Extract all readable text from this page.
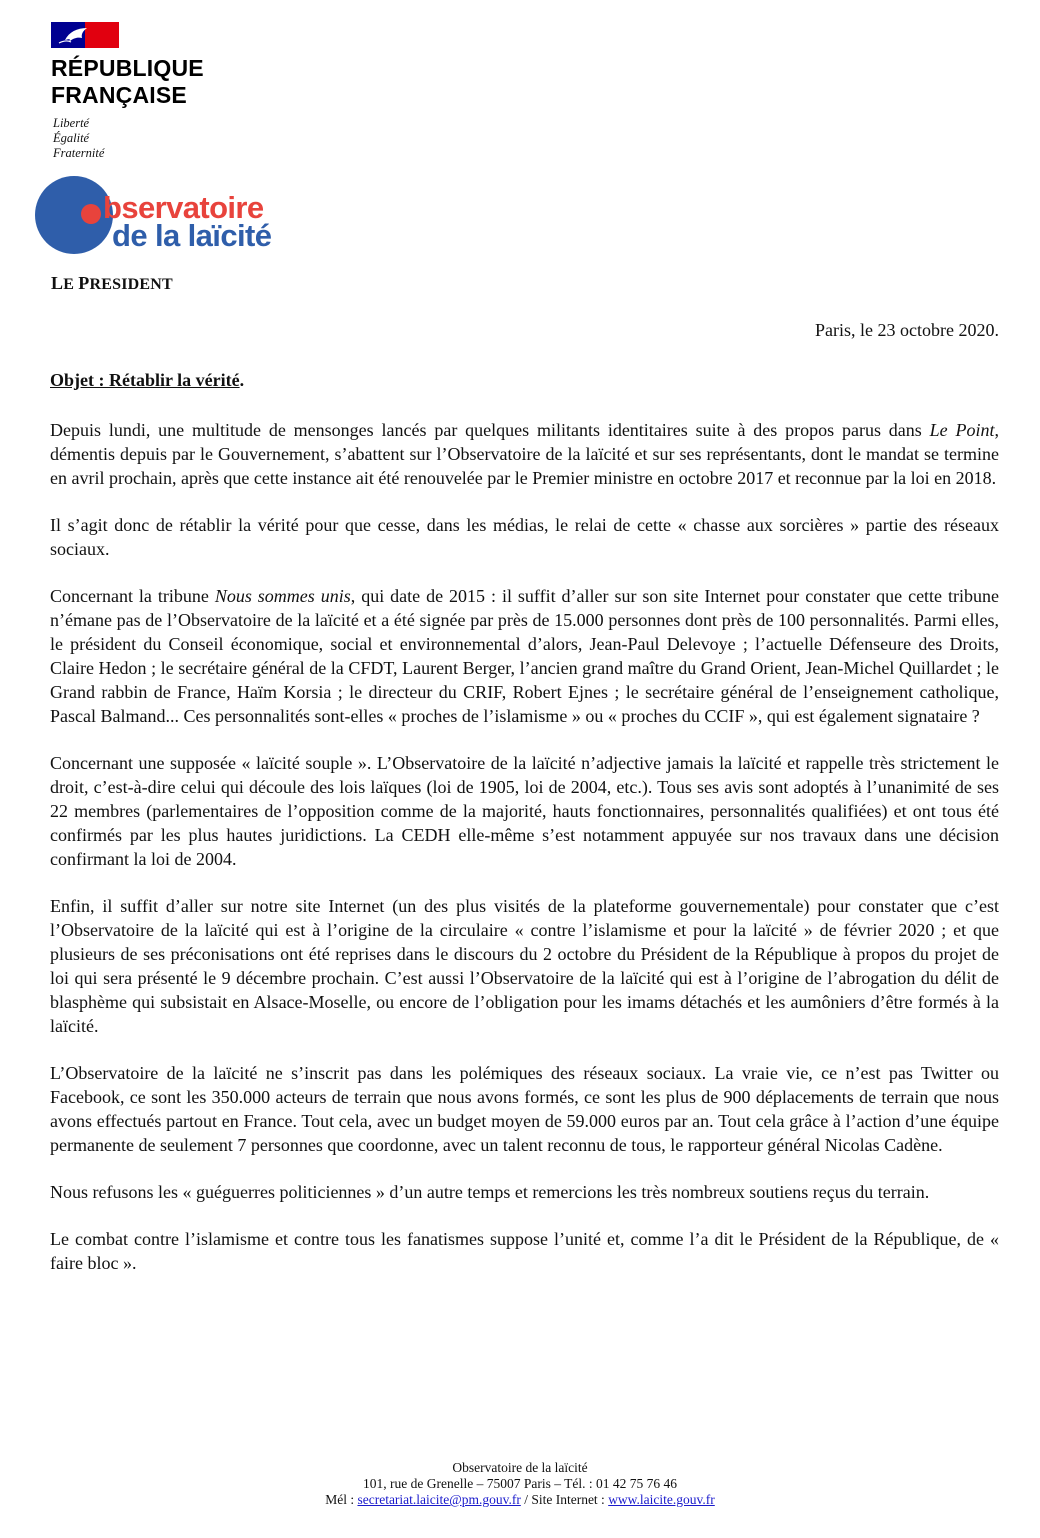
RÉPUBLIQUE
FRANÇAISE
Liberté
Égalité
Fraternité
bservatoire
de la laïcité
LE PRESIDENT
Paris, le 23 octobre 2020.
Objet : Rétablir la vérité.

Depuis lundi, une multitude de mensonges lancés par quelques militants identitaires suite à des propos parus dans Le Point, démentis depuis par le Gouvernement, s’abattent sur l’Observatoire de la laïcité et sur ses représentants, dont le mandat se termine en avril prochain, après que cette instance ait été renouvelée par le Premier ministre en octobre 2017 et reconnue par la loi en 2018.

Il s’agit donc de rétablir la vérité pour que cesse, dans les médias, le relai de cette « chasse aux sorcières » partie des réseaux sociaux.

Concernant la tribune Nous sommes unis, qui date de 2015 : il suffit d’aller sur son site Internet pour constater que cette tribune n’émane pas de l’Observatoire de la laïcité et a été signée par près de 15.000 personnes dont près de 100 personnalités. Parmi elles, le président du Conseil économique, social et environnemental d’alors, Jean-Paul Delevoye ; l’actuelle Défenseure des Droits, Claire Hedon ; le secrétaire général de la CFDT, Laurent Berger, l’ancien grand maître du Grand Orient, Jean-Michel Quillardet ; le Grand rabbin de France, Haïm Korsia ; le directeur du CRIF, Robert Ejnes ; le secrétaire général de l’enseignement catholique, Pascal Balmand... Ces personnalités sont-elles « proches de l’islamisme » ou « proches du CCIF », qui est également signataire ?

Concernant une supposée « laïcité souple ». L’Observatoire de la laïcité n’adjective jamais la laïcité et rappelle très strictement le droit, c’est-à-dire celui qui découle des lois laïques (loi de 1905, loi de 2004, etc.). Tous ses avis sont adoptés à l’unanimité de ses 22 membres (parlementaires de l’opposition comme de la majorité, hauts fonctionnaires, personnalités qualifiées) et ont tous été confirmés par les plus hautes juridictions. La CEDH elle-même s’est notamment appuyée sur nos travaux dans une décision confirmant la loi de 2004.

Enfin, il suffit d’aller sur notre site Internet (un des plus visités de la plateforme gouvernementale) pour constater que c’est l’Observatoire de la laïcité qui est à l’origine de la circulaire « contre l’islamisme et pour la laïcité » de février 2020 ; et que plusieurs de ses préconisations ont été reprises dans le discours du 2 octobre du Président de la République à propos du projet de loi qui sera présenté le 9 décembre prochain. C’est aussi l’Observatoire de la laïcité qui est à l’origine de l’abrogation du délit de blasphème qui subsistait en Alsace-Moselle, ou encore de l’obligation pour les imams détachés et les aumôniers d’être formés à la laïcité.

L’Observatoire de la laïcité ne s’inscrit pas dans les polémiques des réseaux sociaux. La vraie vie, ce n’est pas Twitter ou Facebook, ce sont les 350.000 acteurs de terrain que nous avons formés, ce sont les plus de 900 déplacements de terrain que nous avons effectués partout en France. Tout cela, avec un budget moyen de 59.000 euros par an. Tout cela grâce à l’action d’une équipe permanente de seulement 7 personnes que coordonne, avec un talent reconnu de tous, le rapporteur général Nicolas Cadène.

Nous refusons les « guéguerres politiciennes » d’un autre temps et remercions les très nombreux soutiens reçus du terrain.

Le combat contre l’islamisme et contre tous les fanatismes suppose l’unité et, comme l’a dit le Président de la République, de « faire bloc ».

Observatoire de la laïcité
101, rue de Grenelle – 75007 Paris – Tél. : 01 42 75 76 46
Mél : secretariat.laicite@pm.gouv.fr / Site Internet : www.laicite.gouv.fr
